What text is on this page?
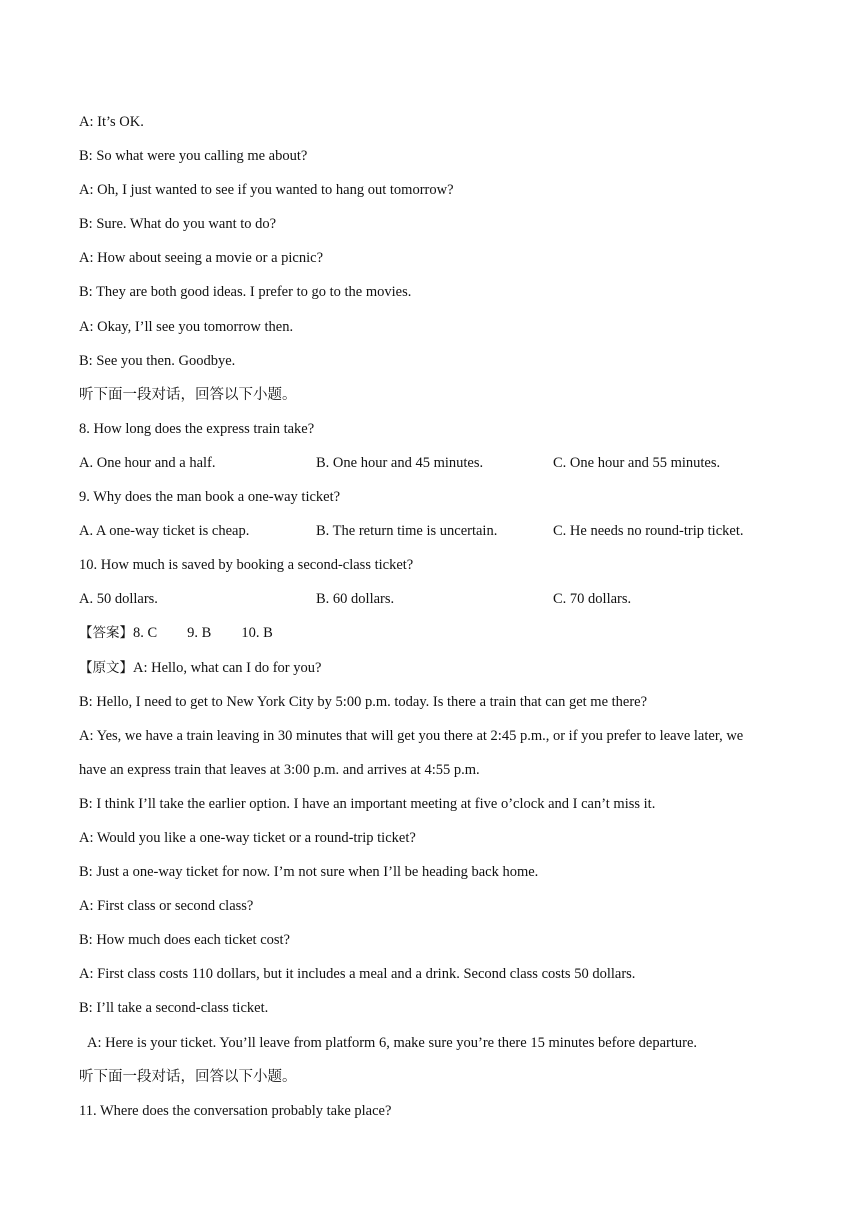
A: It’s OK.
B: So what were you calling me about?
A: Oh, I just wanted to see if you wanted to hang out tomorrow?
B: Sure. What do you want to do?
A: How about seeing a movie or a picnic?
B: They are both good ideas. I prefer to go to the movies.
A: Okay, I’ll see you tomorrow then.
B: See you then. Goodbye.
听下面一段对话，回答以下小题。
8. How long does the express train take?
A. One hour and a half.	B. One hour and 45 minutes.	C. One hour and 55 minutes.
9. Why does the man book a one-way ticket?
A. A one-way ticket is cheap.	B. The return time is uncertain.	C. He needs no round-trip ticket.
10. How much is saved by booking a second-class ticket?
A. 50 dollars.	B. 60 dollars.	C. 70 dollars.
【答案】8. C 9. B 10. B
【原文】A: Hello, what can I do for you?
B: Hello, I need to get to New York City by 5:00 p.m. today. Is there a train that can get me there?
A: Yes, we have a train leaving in 30 minutes that will get you there at 2:45 p.m., or if you prefer to leave later, we
have an express train that leaves at 3:00 p.m. and arrives at 4:55 p.m.
B: I think I’ll take the earlier option. I have an important meeting at five o’clock and I can’t miss it.
A: Would you like a one-way ticket or a round-trip ticket?
B: Just a one-way ticket for now. I’m not sure when I’ll be heading back home.
A: First class or second class?
B: How much does each ticket cost?
A: First class costs 110 dollars, but it includes a meal and a drink. Second class costs 50 dollars.
B: I’ll take a second-class ticket.
A: Here is your ticket. You’ll leave from platform 6, make sure you’re there 15 minutes before departure.
听下面一段对话，回答以下小题。
11. Where does the conversation probably take place?
